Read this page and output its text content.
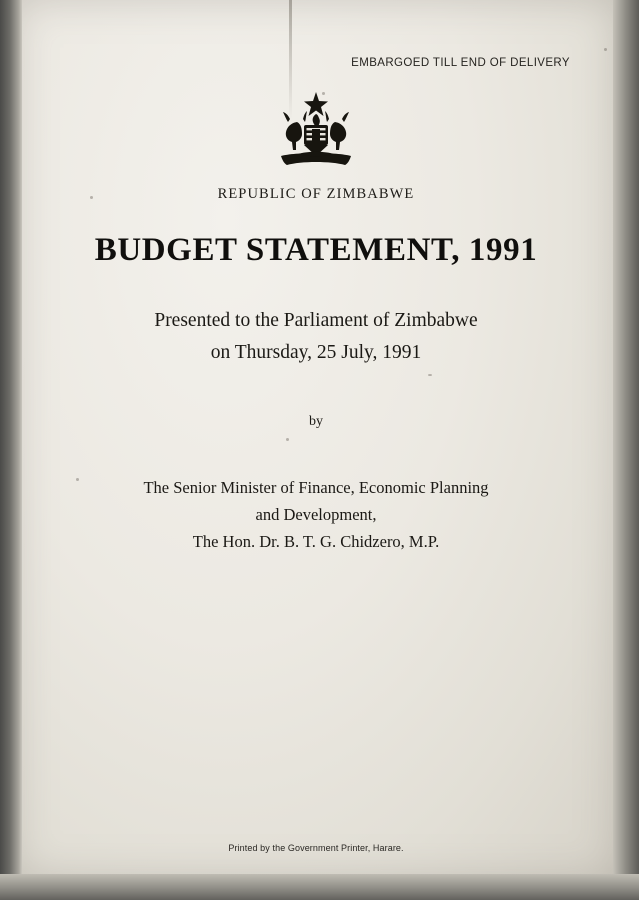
EMBARGOED TILL END OF DELIVERY
REPUBLIC OF ZIMBABWE
BUDGET STATEMENT, 1991
Presented to the Parliament of Zimbabwe
on Thursday, 25 July, 1991
by
The Senior Minister of Finance, Economic Planning
and Development,
The Hon. Dr. B. T. G. Chidzero, M.P.
Printed by the Government Printer, Harare.
